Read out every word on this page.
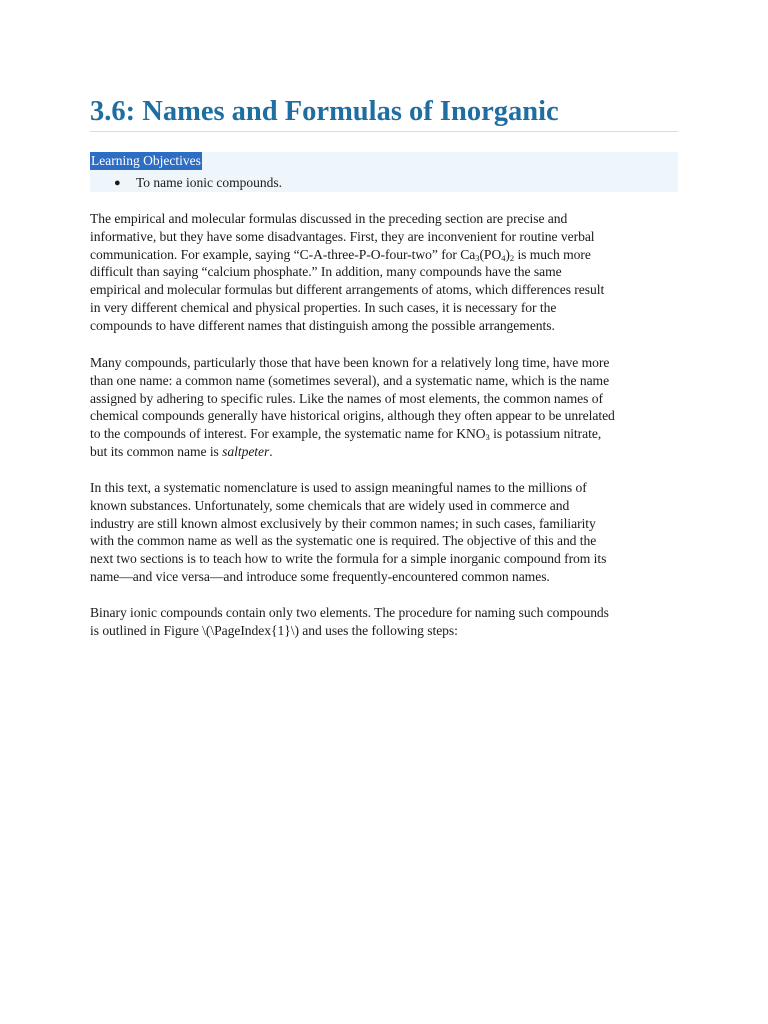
3.6: Names and Formulas of Inorganic
Learning Objectives
● To name ionic compounds.

The empirical and molecular formulas discussed in the preceding section are precise and
informative, but they have some disadvantages. First, they are inconvenient for routine verbal
communication. For example, saying “C-A-three-P-O-four-two” for $Ca_3(PO_4)_2$ is much more
difficult than saying “calcium phosphate.” In addition, many compounds have the same
empirical and molecular formulas but different arrangements of atoms, which differences result
in very different chemical and physical properties. In such cases, it is necessary for the
compounds to have different names that distinguish among the possible arrangements.

Many compounds, particularly those that have been known for a relatively long time, have more
than one name: a common name (sometimes several), and a systematic name, which is the name
assigned by adhering to specific rules. Like the names of most elements, the common names of
chemical compounds generally have historical origins, although they often appear to be unrelated
to the compounds of interest. For example, the systematic name for $KNO_3$ is potassium nitrate,
but its common name is saltpeter.

In this text, a systematic nomenclature is used to assign meaningful names to the millions of
known substances. Unfortunately, some chemicals that are widely used in commerce and
industry are still known almost exclusively by their common names; in such cases, familiarity
with the common name as well as the systematic one is required. The objective of this and the
next two sections is to teach how to write the formula for a simple inorganic compound from its
name—and vice versa—and introduce some frequently-encountered common names.

Binary ionic compounds contain only two elements. The procedure for naming such compounds
is outlined in Figure \(\PageIndex{1}\) and uses the following steps:
